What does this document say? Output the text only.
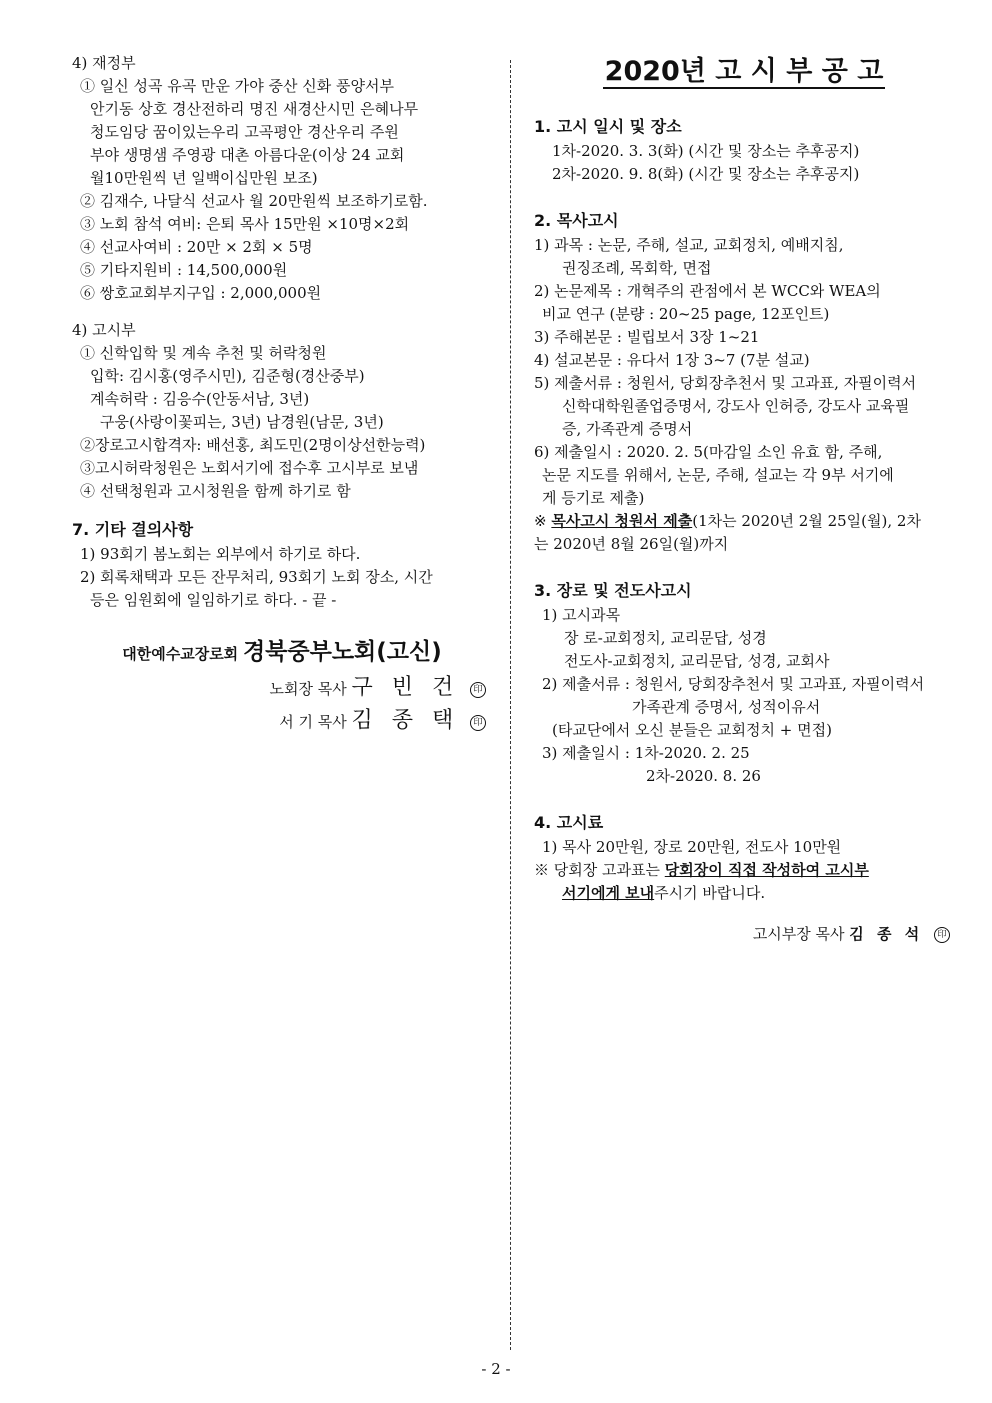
4) 재정부
① 일신 성곡 유곡 만운 가야 중산 신화 풍양서부
안기동 상호 경산전하리 명진 새경산시민 은혜나무
청도임당 꿈이있는우리 고곡평안 경산우리 주원
부야 생명샘 주영광 대촌 아름다운(이상 24 교회
월10만원씩 년 일백이십만원 보조)
② 김재수, 나달식 선교사 월 20만원씩 보조하기로함.
③ 노회 참석 여비: 은퇴 목사 15만원 ×10명×2회
④ 선교사여비 : 20만 × 2회 × 5명
⑤ 기타지원비 : 14,500,000원
⑥ 쌍호교회부지구입 : 2,000,000원
4) 고시부
① 신학입학 및 계속 추천 및 허락청원
입학: 김시홍(영주시민), 김준형(경산중부)
계속허락 : 김응수(안동서남, 3년)
구웅(사랑이꽃피는, 3년) 남경원(남문, 3년)
②장로고시합격자: 배선홍, 최도민(2명이상선한능력)
③고시허락청원은 노회서기에 접수후 고시부로 보냄
④ 선택청원과 고시청원을 함께 하기로 함
7. 기타 결의사항
1) 93회기 봄노회는 외부에서 하기로 하다.
2) 회록채택과 모든 잔무처리, 93회기 노회 장소, 시간
등은 임원회에 일임하기로 하다. - 끝 -
대한예수교장로회 경북중부노회(고신)
노회장 목사 구 빈 건 印
서 기 목사 김 종 택 印
2020년 고 시 부 공 고
1. 고시 일시 및 장소
1차-2020. 3. 3(화) (시간 및 장소는 추후공지)
2차-2020. 9. 8(화) (시간 및 장소는 추후공지)
2. 목사고시
1) 과목 : 논문, 주해, 설교, 교회정치, 예배지침,
권징조례, 목회학, 면접
2) 논문제목 : 개혁주의 관점에서 본 WCC와 WEA의
비교 연구 (분량 : 20~25 page, 12포인트)
3) 주해본문 : 빌립보서 3장 1~21
4) 설교본문 : 유다서 1장 3~7 (7분 설교)
5) 제출서류 : 청원서, 당회장추천서 및 고과표, 자필이력서
신학대학원졸업증명서, 강도사 인허증, 강도사 교육필
증, 가족관계 증명서
6) 제출일시 : 2020. 2. 5(마감일 소인 유효 함, 주해,
논문 지도를 위해서, 논문, 주해, 설교는 각 9부 서기에
게 등기로 제출)
※ 목사고시 청원서 제출(1차는 2020년 2월 25일(월), 2차
는 2020년 8월 26일(월)까지
3. 장로 및 전도사고시
1) 고시과목
장 로-교회정치, 교리문답, 성경
전도사-교회정치, 교리문답, 성경, 교회사
2) 제출서류 : 청원서, 당회장추천서 및 고과표, 자필이력서
가족관계 증명서, 성적이유서
(타교단에서 오신 분들은 교회정치 + 면접)
3) 제출일시 : 1차-2020. 2. 25
2차-2020. 8. 26
4. 고시료
1) 목사 20만원, 장로 20만원, 전도사 10만원
※ 당회장 고과표는 당회장이 직접 작성하여 고시부
서기에게 보내주시기 바랍니다.
고시부장 목사 김 종 석 印
- 2 -
